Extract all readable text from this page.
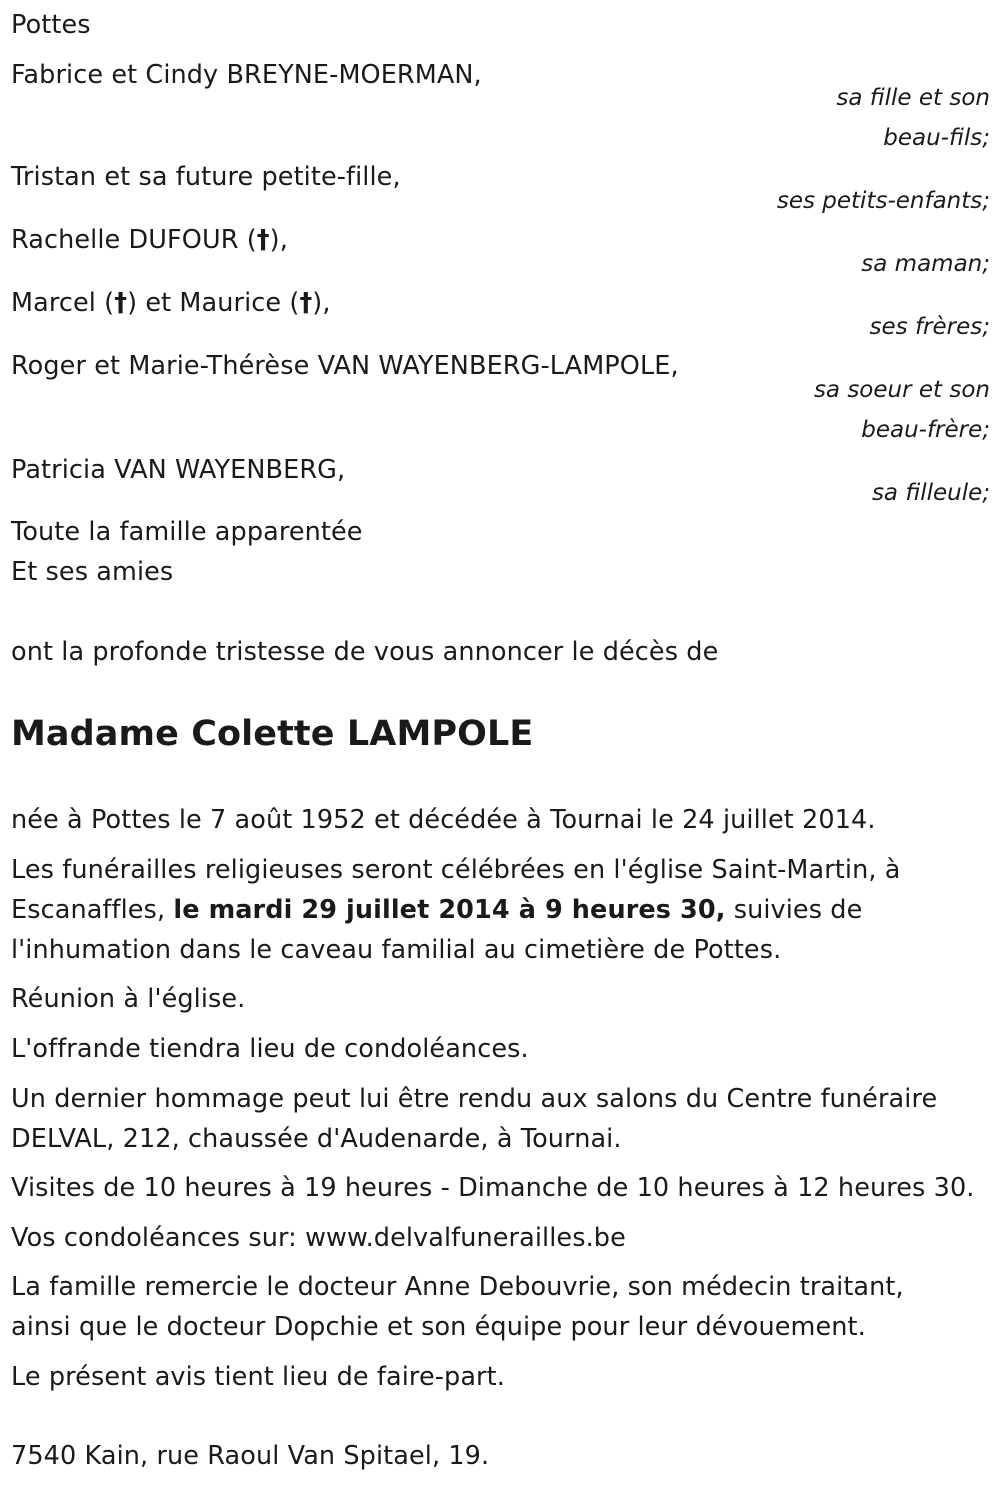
Pottes

Fabrice et Cindy BREYNE-MOERMAN,

sa fille et son

beau-fils;

Tristan et sa future petite-fille,

ses petits-enfants;

Rachelle DUFOUR (†),

sa maman;

Marcel (†) et Maurice (†),

ses frères;

Roger et Marie-Thérèse VAN WAYENBERG-LAMPOLE,

sa soeur et son

beau-frère;

Patricia VAN WAYENBERG,

sa filleule;

Toute la famille apparentée

Et ses amies

ont la profonde tristesse de vous annoncer le décès de

Madame Colette LAMPOLE

née à Pottes le 7 août 1952 et décédée à Tournai le 24 juillet 2014.

Les funérailles religieuses seront célébrées en l'église Saint-Martin, à

Escanaffles, le mardi 29 juillet 2014 à 9 heures 30, suivies de

l'inhumation dans le caveau familial au cimetière de Pottes.

Réunion à l'église.

L'offrande tiendra lieu de condoléances.

Un dernier hommage peut lui être rendu aux salons du Centre funéraire

DELVAL, 212, chaussée d'Audenarde, à Tournai.

Visites de 10 heures à 19 heures - Dimanche de 10 heures à 12 heures 30.

Vos condoléances sur: www.delvalfunerailles.be

La famille remercie le docteur Anne Debouvrie, son médecin traitant,

ainsi que le docteur Dopchie et son équipe pour leur dévouement.

Le présent avis tient lieu de faire-part.

7540 Kain, rue Raoul Van Spitael, 19.
